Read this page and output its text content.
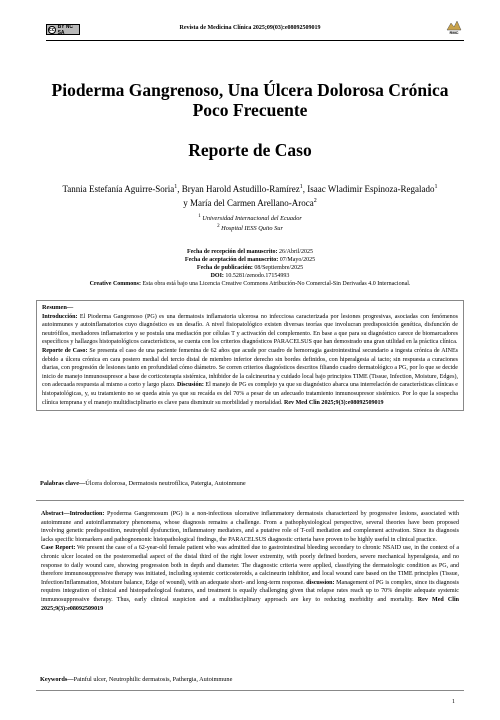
cc BY NC SA
Revista de Medicina Clínica 2025;09(03):e08092509019
RMC
Pioderma Gangrenoso, Una Úlcera Dolorosa Crónica Poco Frecuente
Reporte de Caso
Tannia Estefanía Aguirre-Soria$^1$, Bryan Harold Astudillo-Ramírez$^1$, Isaac Wladimir Espinoza-Regalado$^1$ y María del Carmen Arellano-Aroca$^2$
$^1$ Universidad Internacional del Ecuador
$^2$ Hospital IESS Quito Sur
Fecha de recepción del manuscrito: 26/Abril/2025
Fecha de aceptación del manuscrito: 07/Mayo/2025
Fecha de publicación: 08/Septiembre/2025
DOI: 10.5281/zenodo.17154993
Creative Commons: Esta obra está bajo una Licencia Creative Commons Atribución-No Comercial-Sin Derivadas 4.0 Internacional.

Resumen—

Introducción: El Pioderma Gangrenoso (PG) es una dermatosis inflamatoria ulcerosa no infecciosa caracterizada por lesiones progresivas, asociadas con fenómenos autoinmunes y autoinflamatorios cuyo diagnóstico es un desafío. A nivel fisiopatológico existen diversas teorías que involucran predisposición genética, disfunción de neutrófilos, mediadores inflamatorios y se postula una mediación por células T y activación del complemento. En base a que para su diagnóstico carece de biomarcadores específicos y hallazgos histopatológicos característicos, se cuenta con los criterios diagnósticos PARACELSUS que han demostrado una gran utilidad en la práctica clínica.
Reporte de Caso: Se presenta el caso de una paciente femenina de 62 años que acude por cuadro de hemorragia gastrointestinal secundario a ingesta crónica de AINEs debido a úlcera crónica en cara postero medial del tercio distal de miembro inferior derecho sin bordes definidos, con hiperalgesia al tacto; sin respuesta a curaciones diarias, con progresión de lesiones tanto en profundidad cómo diámetro. Se corren criterios diagnósticos descritos filiando cuadro dermatológico a PG, por lo que se decide inicio de manejo inmunosupresor a base de corticoterapia sistémica, inhibidor de la calcineurina y cuidado local bajo principios TIME (Tissue, Infection, Moisture, Edges), con adecuada respuesta al mismo a corto y largo plazo. Discusión: El manejo de PG es complejo ya que su diagnóstico abarca una interrelación de características clínicas e histopatológicas, y, su tratamiento no se queda atrás ya que su recaída es del 70% a pesar de un adecuado tratamiento inmunosupresor sistémico. Por lo que la sospecha clínica temprana y el manejo multidisciplinario es clave para disminuir su morbilidad y mortalidad. Rev Med Clin 2025;9(3):e08092509019

Palabras clave—Úlcera dolorosa, Dermatosis neutrofílica, Patergia, Autoinmune

Abstract—Introduction: Pyoderma Gangrenosum (PG) is a non-infectious ulcerative inflammatory dermatosis characterized by progressive lesions, associated with autoimmune and autoinflammatory phenomena, whose diagnosis remains a challenge. From a pathophysiological perspective, several theories have been proposed involving genetic predisposition, neutrophil dysfunction, inflammatory mediators, and a putative role of T-cell mediation and complement activation. Since its diagnosis lacks specific biomarkers and pathognomonic histopathological findings, the PARACELSUS diagnostic criteria have proven to be highly useful in clinical practice.
Case Report: We present the case of a 62-year-old female patient who was admitted due to gastrointestinal bleeding secondary to chronic NSAID use, in the context of a chronic ulcer located on the posteromedial aspect of the distal third of the right lower extremity, with poorly defined borders, severe mechanical hyperalgesia, and no response to daily wound care, showing progression both in depth and diameter. The diagnostic criteria were applied, classifying the dermatologic condition as PG, and therefore immunosuppressive therapy was initiated, including systemic corticosteroids, a calcineurin inhibitor, and local wound care based on the TIME principles (Tissue, Infection/Inflammation, Moisture balance, Edge of wound), with an adequate short- and long-term response. discussion: Management of PG is complex, since its diagnosis requires integration of clinical and histopathological features, and treatment is equally challenging given that relapse rates reach up to 70% despite adequate systemic immunosuppressive therapy. Thus, early clinical suspicion and a multidisciplinary approach are key to reducing morbidity and mortality. Rev Med Clin 2025;9(3):e08092509019

Keywords—Painful ulcer, Neutrophilic dermatosis, Pathergia, Autoimmune
1
